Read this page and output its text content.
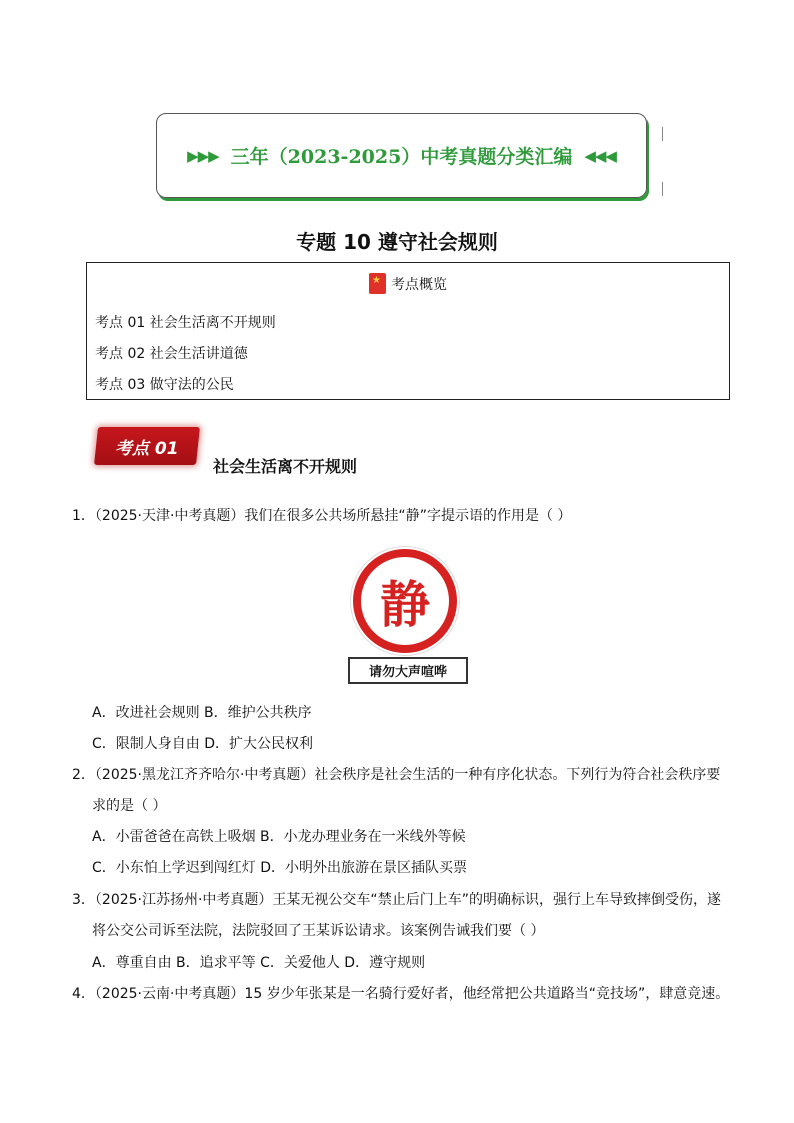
▶▶▶ 三年（2023-2025）中考真题分类汇编 ◀◀◀
专题 10 遵守社会规则
★
考点概览
考点 01 社会生活离不开规则
考点 02 社会生活讲道德
考点 03 做守法的公民
考点 01
社会生活离不开规则
1．（2025·天津·中考真题）我们在很多公共场所悬挂“静”字提示语的作用是（ ）
静
请勿大声喧哗
A．改进社会规则 B．维护公共秩序
C．限制人身自由 D．扩大公民权利
2．（2025·黑龙江齐齐哈尔·中考真题）社会秩序是社会生活的一种有序化状态。下列行为符合社会秩序要
求的是（ ）
A．小雷爸爸在高铁上吸烟 B．小龙办理业务在一米线外等候
C．小东怕上学迟到闯红灯 D．小明外出旅游在景区插队买票
3．（2025·江苏扬州·中考真题）王某无视公交车“禁止后门上车”的明确标识，强行上车导致摔倒受伤，遂
将公交公司诉至法院，法院驳回了王某诉讼请求。该案例告诫我们要（ ）
A．尊重自由 B．追求平等 C．关爱他人 D．遵守规则
4．（2025·云南·中考真题）15 岁少年张某是一名骑行爱好者，他经常把公共道路当“竞技场”，肆意竞速。
